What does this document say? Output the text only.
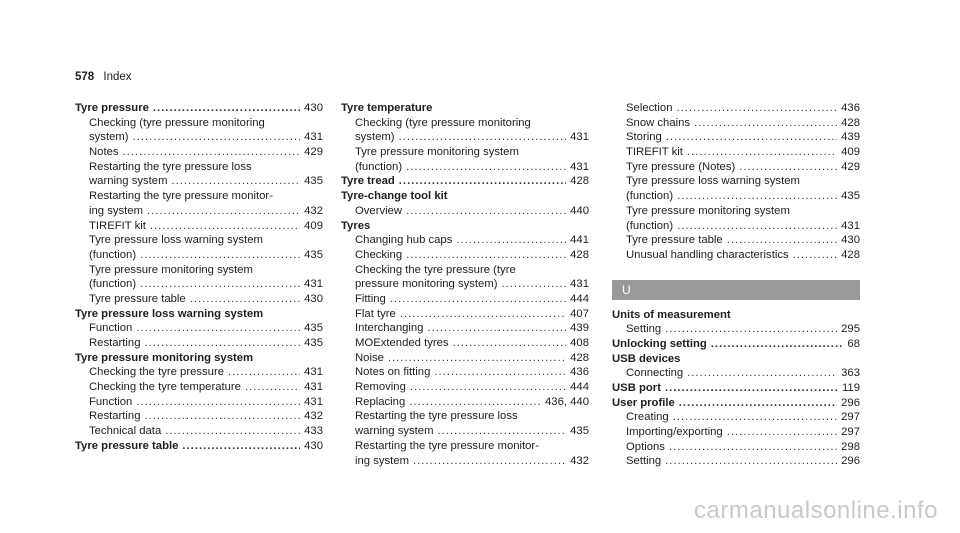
578 Index
Tyre pressure .....	430
Checking (tyre pressure monitoring
system) .....	431
Notes .....	429
Restarting the tyre pressure loss
warning system .....	435
Restarting the tyre pressure monitor-
ing system .....	432
TIREFIT kit .....	409
Tyre pressure loss warning system
(function) .....	435
Tyre pressure monitoring system
(function) .....	431
Tyre pressure table .....	430
Tyre pressure loss warning system
Function .....	435
Restarting .....	435
Tyre pressure monitoring system
Checking the tyre pressure .....	431
Checking the tyre temperature .....	431
Function .....	431
Restarting .....	432
Technical data .....	433
Tyre pressure table .....	430
Tyre temperature
Checking (tyre pressure monitoring
system) .....	431
Tyre pressure monitoring system
(function) .....	431
Tyre tread .....	428
Tyre-change tool kit
Overview .....	440
Tyres
Changing hub caps .....	441
Checking .....	428
Checking the tyre pressure (tyre
pressure monitoring system) .....	431
Fitting .....	444
Flat tyre .....	407
Interchanging .....	439
MOExtended tyres .....	408
Noise .....	428
Notes on fitting .....	436
Removing .....	444
Replacing .....	436, 440
Restarting the tyre pressure loss
warning system .....	435
Restarting the tyre pressure monitor-
ing system .....	432
Selection .....	436
Snow chains .....	428
Storing .....	439
TIREFIT kit .....	409
Tyre pressure (Notes) .....	429
Tyre pressure loss warning system
(function) .....	435
Tyre pressure monitoring system
(function) .....	431
Tyre pressure table .....	430
Unusual handling characteristics .....	428
U
Units of measurement
Setting .....	295
Unlocking setting .....	68
USB devices
Connecting .....	363
USB port .....	119
User profile .....	296
Creating .....	297
Importing/exporting .....	297
Options .....	298
Setting .....	296
carmanualsonline.info
